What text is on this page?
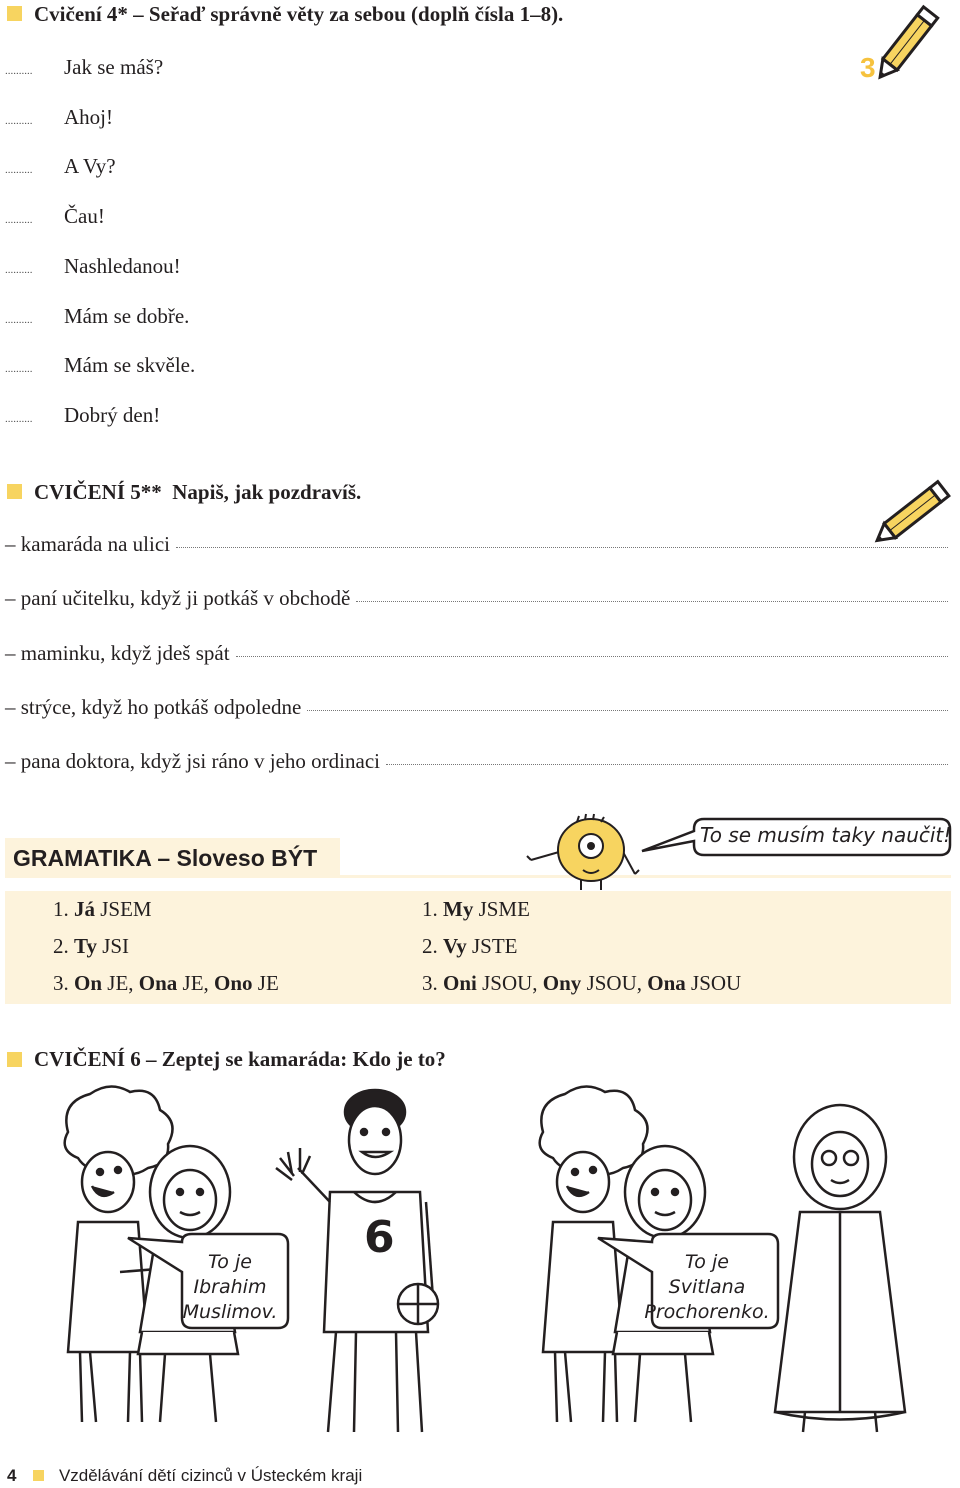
Cvičení 4* – Seřaď správně věty za sebou (doplň čísla 1–8).
.......... Jak se máš?
.......... Ahoj!
.......... A Vy?
.......... Čau!
.......... Nashledanou!
.......... Mám se dobře.
.......... Mám se skvěle.
.......... Dobrý den!
3
CVIČENÍ 5** Napiš, jak pozdravíš.
– kamaráda na ulici
– paní učitelku, když ji potkáš v obchodě
– maminku, když jdeš spát
– strýce, když ho potkáš odpoledne
– pana doktora, když jsi ráno v jeho ordinaci
GRAMATIKA – Sloveso BÝT
To se musím taky naučit!
1. Já JSEM
2. Ty JSI
3. On JE, Ona JE, Ono JE
1. My JSME
2. Vy JSTE
3. Oni JSOU, Ony JSOU, Ona JSOU
CVIČENÍ 6 – Zeptej se kamaráda: Kdo je to?
6
To je
Ibrahim
Muslimov.
To je
Svitlana
Prochorenko.
4 Vzdělávání dětí cizinců v Ústeckém kraji
